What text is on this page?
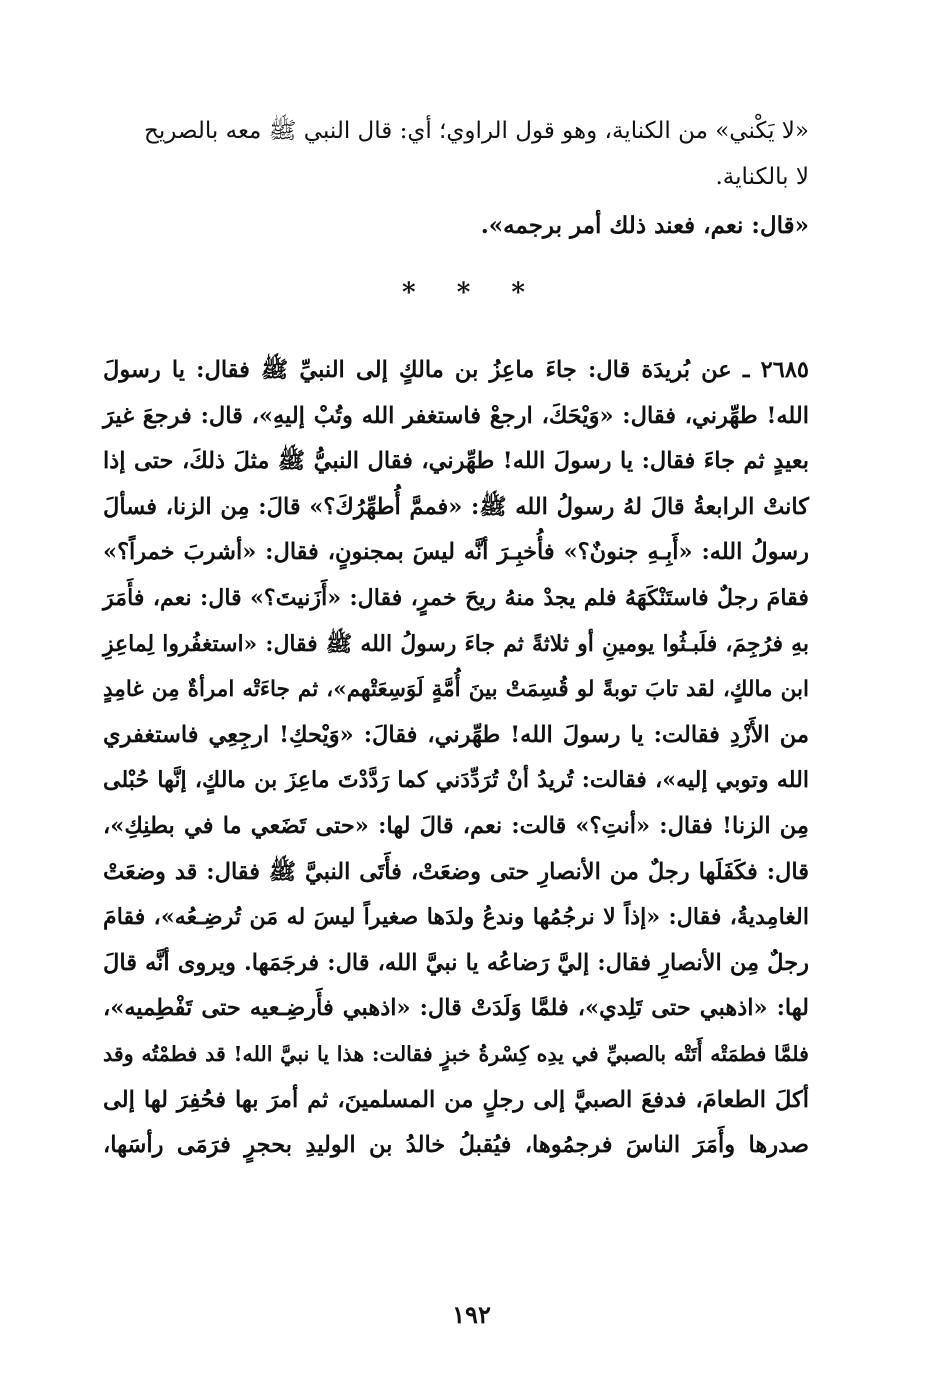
«لا يَكْني» من الكناية، وهو قول الراوي؛ أي: قال النبي ﷺ معه بالصريح
لا بالكناية.
«قال: نعم، فعند ذلك أمر برجمه».
* * *
٢٦٨٥ ـ عن بُريدَة قال: جاءَ ماعِزُ بن مالكٍ إلى النبيِّ ﷺ فقال: يا رسولَ
الله! طهِّرني، فقال: «وَيْحَكَ، ارجعْ فاستغفر الله وتُبْ إليهِ»، قال: فرجعَ غيرَ
بعيدٍ ثم جاءَ فقال: يا رسولَ الله! طهِّرني، فقال النبيُّ ﷺ مثلَ ذلكَ، حتى إذا
كانتْ الرابعةُ قالَ لهُ رسولُ الله ﷺ: «فممَّ أُطهِّرُكَ؟» قالَ: مِن الزنا، فسألَ
رسولُ الله: «أَبِـهِ جنونٌ؟» فأُخبِـرَ أنَّه ليسَ بمجنونٍ، فقال: «أشربَ خمراً؟»
فقامَ رجلٌ فاستَنْكَهَهُ فلم يجدْ منهُ ريحَ خمرٍ، فقال: «أَزَنيتَ؟» قال: نعم، فأَمَرَ
بهِ فرُجِمَ، فلَبـثُوا يومينِ أو ثلاثةً ثم جاءَ رسولُ الله ﷺ فقال: «استغفُروا لِماعِزِ
ابن مالكٍ، لقد تابَ توبةً لو قُسِمَتْ بينَ أُمَّةٍ لَوَسِعَتْهم»، ثم جاءَتْه امرأةٌ مِن غامِدٍ
من الأَزْدِ فقالت: يا رسولَ الله! طهِّرني، فقالَ: «وَيْحكِ! ارجِعِي فاستغفري
الله وتوبي إليه»، فقالت: تُريدُ أنْ تُرَدِّدَني كما رَدَّدْتَ ماعِزَ بن مالكٍ، إنَّها حُبْلى
مِن الزنا! فقال: «أنتِ؟» قالت: نعم، قالَ لها: «حتى تَضَعي ما في بطنِكِ»،
قال: فكَفَلَها رجلٌ من الأنصارِ حتى وضعَتْ، فأَتَى النبيَّ ﷺ فقال: قد وضعَتْ
الغامِديةُ، فقال: «إذاً لا نرجُمُها وندعُ ولدَها صغيراً ليسَ له مَن تُرضِـعُه»، فقامَ
رجلٌ مِن الأنصارِ فقال: إليَّ رَضاعُه يا نبيَّ الله، قال: فرجَمَها. ويروى أنَّه قالَ
لها: «اذهبي حتى تَلِدي»، فلمَّا وَلَدَتْ قال: «اذهبي فأَرضِـعيه حتى تَفْطِميه»،
فلمَّا فطمَتْه أَتَتْه بالصبيِّ في يدِه كِسْرةُ خبزٍ فقالت: هذا يا نبيَّ الله! قد فطمْتُه وقد
أكلَ الطعامَ، فدفعَ الصبيَّ إلى رجلٍ من المسلمينَ، ثم أمرَ بها فحُفِرَ لها إلى
صدرها وأَمَرَ الناسَ فرجمُوها، فيُقبلُ خالدُ بن الوليدِ بحجرٍ فرَمَى رأسَها،
١٩٢
